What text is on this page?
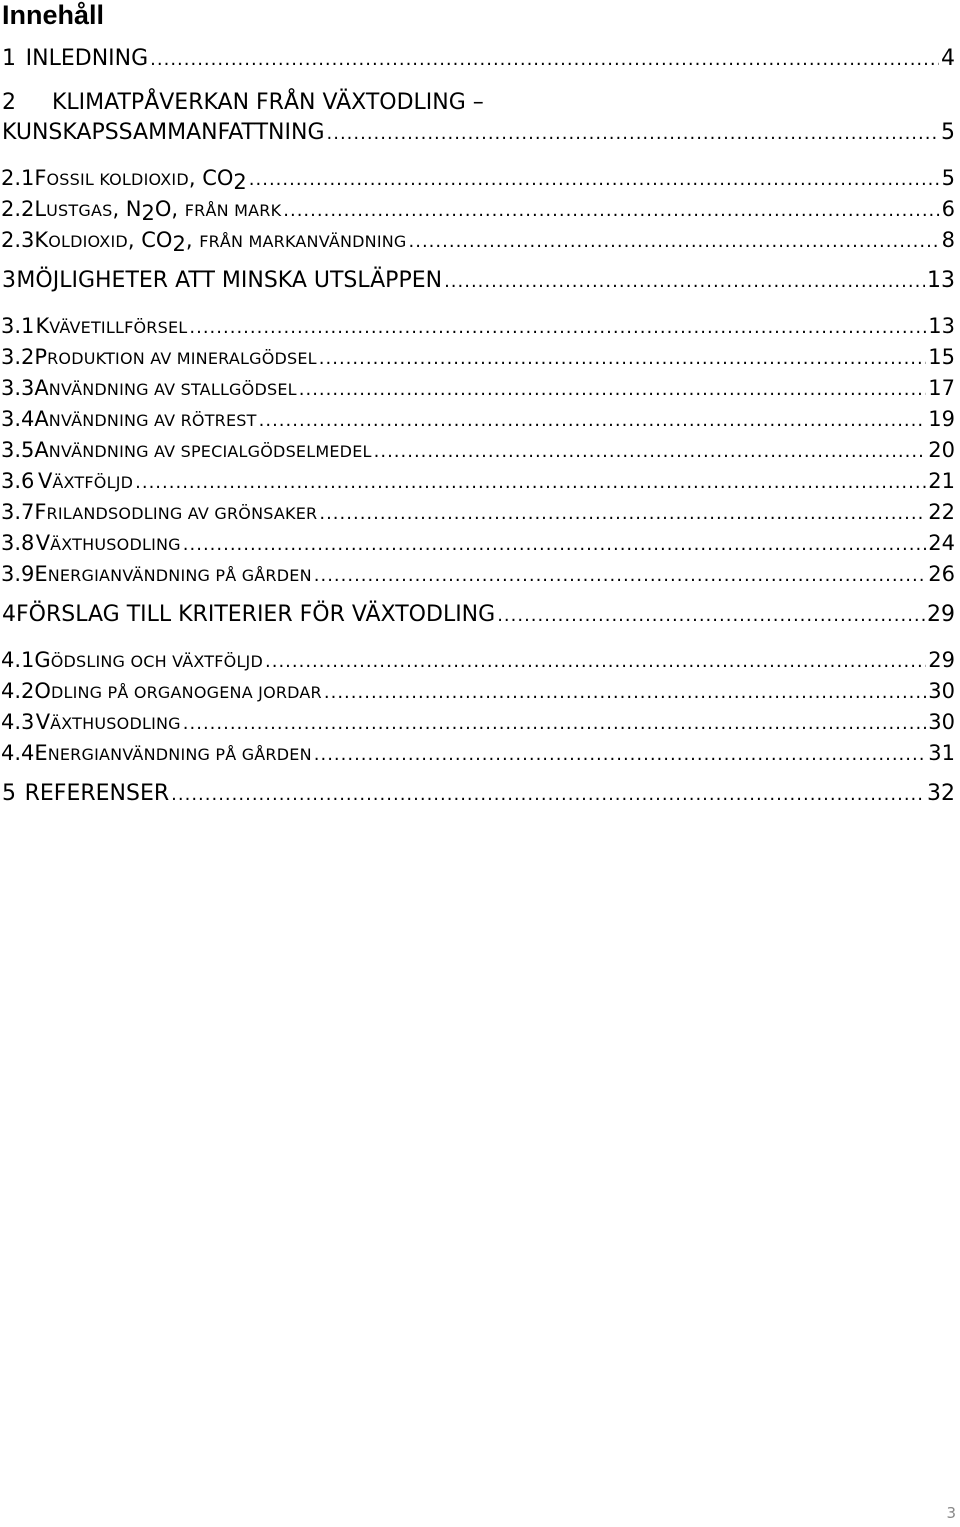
Innehåll
1 INLEDNING .....	4
2	KLIMATPÅVERKAN FRÅN VÄXTODLING –
KUNSKAPSSAMMANFATTNING .....	5
2.1 FOSSIL KOLDIOXID, $CO_2$ .....	5
2.2 LUSTGAS, $N_2O$, FRÅN MARK .....	6
2.3 KOLDIOXID, $CO_2$, FRÅN MARKANVÄNDNING .....	8
3 MÖJLIGHETER ATT MINSKA UTSLÄPPEN .....	13
3.1 KVÄVETILLFÖRSEL .....	13
3.2 PRODUKTION AV MINERALGÖDSEL .....	15
3.3 ANVÄNDNING AV STALLGÖDSEL .....	17
3.4 ANVÄNDNING AV RÖTREST .....	19
3.5 ANVÄNDNING AV SPECIALGÖDSELMEDEL .....	20
3.6 VÄXTFÖLJD .....	21
3.7 FRILANDSODLING AV GRÖNSAKER .....	22
3.8 VÄXTHUSODLING .....	24
3.9 ENERGIANVÄNDNING PÅ GÅRDEN .....	26
4 FÖRSLAG TILL KRITERIER FÖR VÄXTODLING .....	29
4.1 GÖDSLING OCH VÄXTFÖLJD .....	29
4.2 ODLING PÅ ORGANOGENA JORDAR .....	30
4.3 VÄXTHUSODLING .....	30
4.4 ENERGIANVÄNDNING PÅ GÅRDEN .....	31
5 REFERENSER .....	32
3
